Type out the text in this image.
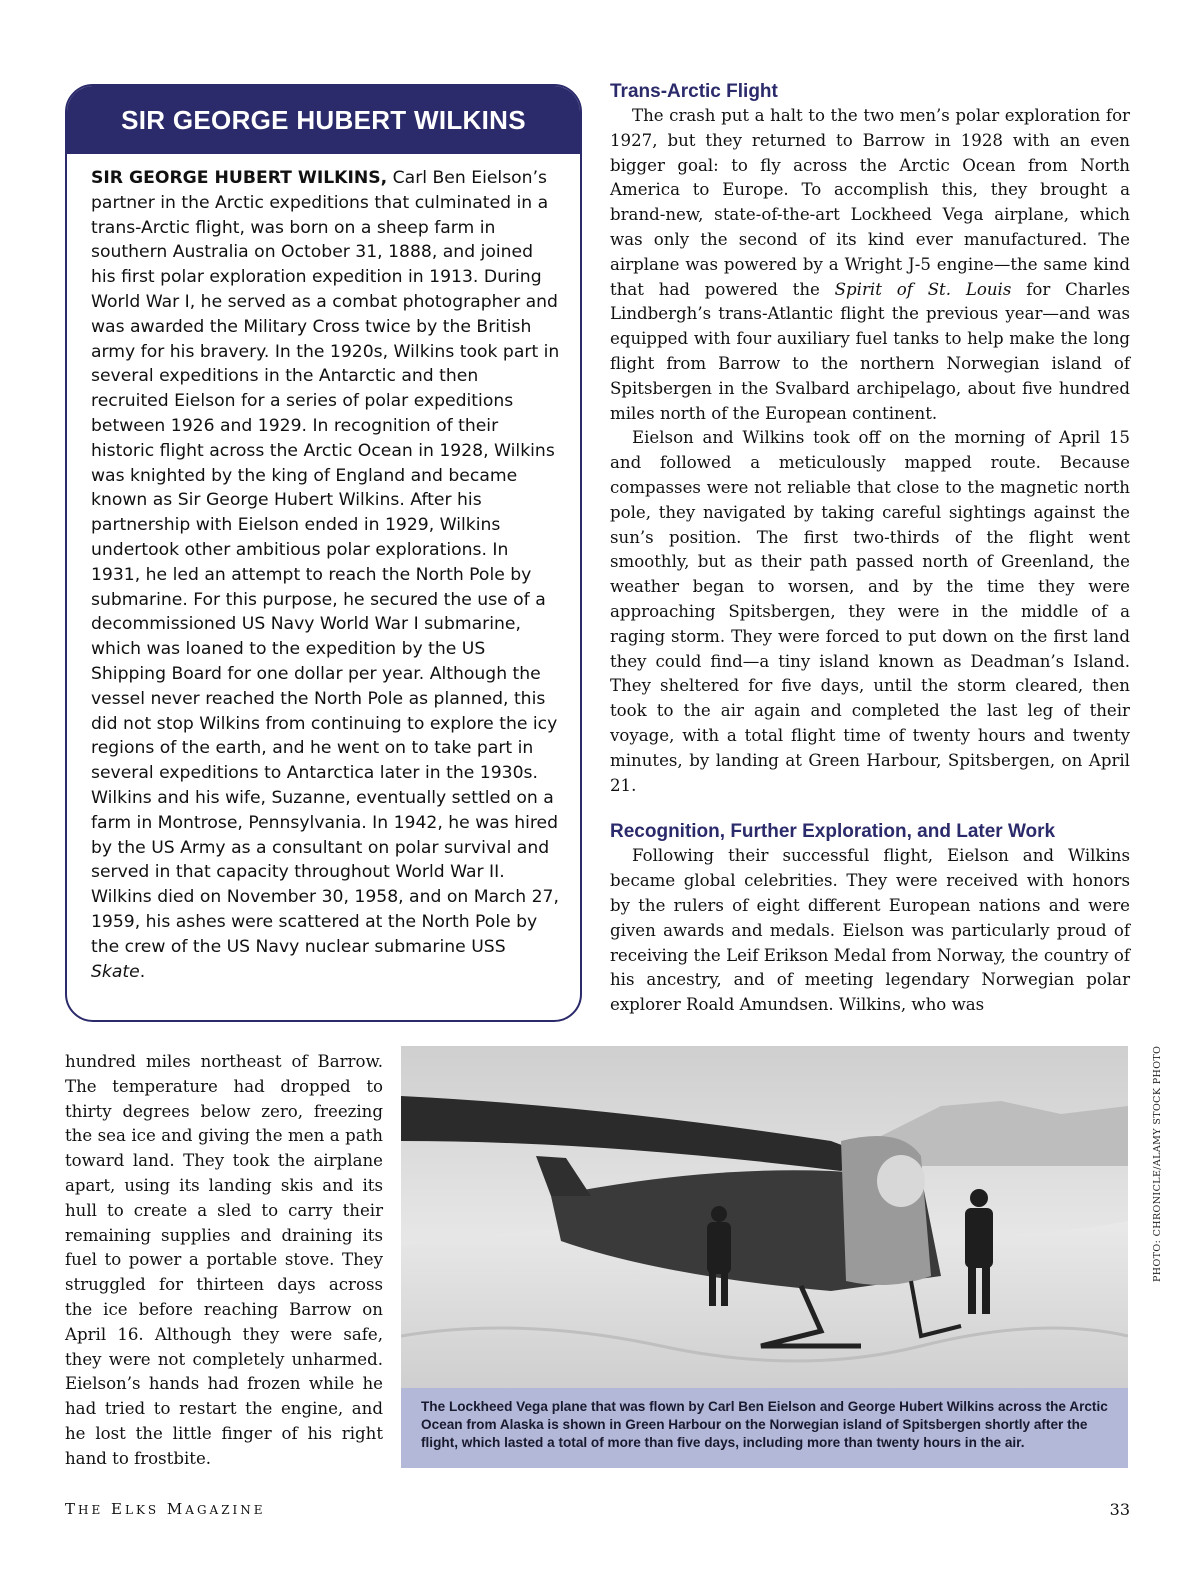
SIR GEORGE HUBERT WILKINS

SIR GEORGE HUBERT WILKINS, Carl Ben Eielson’s partner in the Arctic expeditions that culminated in a trans-Arctic flight, was born on a sheep farm in southern Australia on October 31, 1888, and joined his first polar exploration expedition in 1913. During World War I, he served as a combat photographer and was awarded the Military Cross twice by the British army for his bravery. In the 1920s, Wilkins took part in several expeditions in the Antarctic and then recruited Eielson for a series of polar expeditions between 1926 and 1929. In recognition of their historic flight across the Arctic Ocean in 1928, Wilkins was knighted by the king of England and became known as Sir George Hubert Wilkins. After his partnership with Eielson ended in 1929, Wilkins undertook other ambitious polar explorations. In 1931, he led an attempt to reach the North Pole by submarine. For this purpose, he secured the use of a decommissioned US Navy World War I submarine, which was loaned to the expedition by the US Shipping Board for one dollar per year. Although the vessel never reached the North Pole as planned, this did not stop Wilkins from continuing to explore the icy regions of the earth, and he went on to take part in several expeditions to Antarctica later in the 1930s. Wilkins and his wife, Suzanne, eventually settled on a farm in Montrose, Pennsylvania. In 1942, he was hired by the US Army as a consultant on polar survival and served in that capacity throughout World War II. Wilkins died on November 30, 1958, and on March 27, 1959, his ashes were scattered at the North Pole by the crew of the US Navy nuclear submarine USS Skate.

Trans-Arctic Flight

The crash put a halt to the two men’s polar exploration for 1927, but they returned to Barrow in 1928 with an even bigger goal: to fly across the Arctic Ocean from North America to Europe. To accomplish this, they brought a brand-new, state-of-the-art Lockheed Vega airplane, which was only the second of its kind ever manufactured. The airplane was powered by a Wright J-5 engine—the same kind that had powered the Spirit of St. Louis for Charles Lindbergh’s trans-Atlantic flight the previous year—and was equipped with four auxiliary fuel tanks to help make the long flight from Barrow to the northern Norwegian island of Spitsbergen in the Svalbard archipelago, about five hundred miles north of the European continent.

Eielson and Wilkins took off on the morning of April 15 and followed a meticulously mapped route. Because compasses were not reliable that close to the magnetic north pole, they navigated by taking careful sightings against the sun’s position. The first two-thirds of the flight went smoothly, but as their path passed north of Greenland, the weather began to worsen, and by the time they were approaching Spitsbergen, they were in the middle of a raging storm. They were forced to put down on the first land they could find—a tiny island known as Deadman’s Island. They sheltered for five days, until the storm cleared, then took to the air again and completed the last leg of their voyage, with a total flight time of twenty hours and twenty minutes, by landing at Green Harbour, Spitsbergen, on April 21.

Recognition, Further Exploration, and Later Work

Following their successful flight, Eielson and Wilkins became global celebrities. They were received with honors by the rulers of eight different European nations and were given awards and medals. Eielson was particularly proud of receiving the Leif Erikson Medal from Norway, the country of his ancestry, and of meeting legendary Norwegian polar explorer Roald Amundsen. Wilkins, who was

hundred miles northeast of Barrow. The temperature had dropped to thirty degrees below zero, freezing the sea ice and giving the men a path toward land. They took the airplane apart, using its landing skis and its hull to create a sled to carry their remaining supplies and draining its fuel to power a portable stove. They struggled for thirteen days across the ice before reaching Barrow on April 16. Although they were safe, they were not completely unharmed. Eielson’s hands had frozen while he had tried to restart the engine, and he lost the little finger of his right hand to frostbite.

The Lockheed Vega plane that was flown by Carl Ben Eielson and George Hubert Wilkins across the Arctic Ocean from Alaska is shown in Green Harbour on the Norwegian island of Spitsbergen shortly after the flight, which lasted a total of more than five days, including more than twenty hours in the air.
PHOTO: CHRONICLE/ALAMY STOCK PHOTO
THE ELKS MAGAZINE	33
